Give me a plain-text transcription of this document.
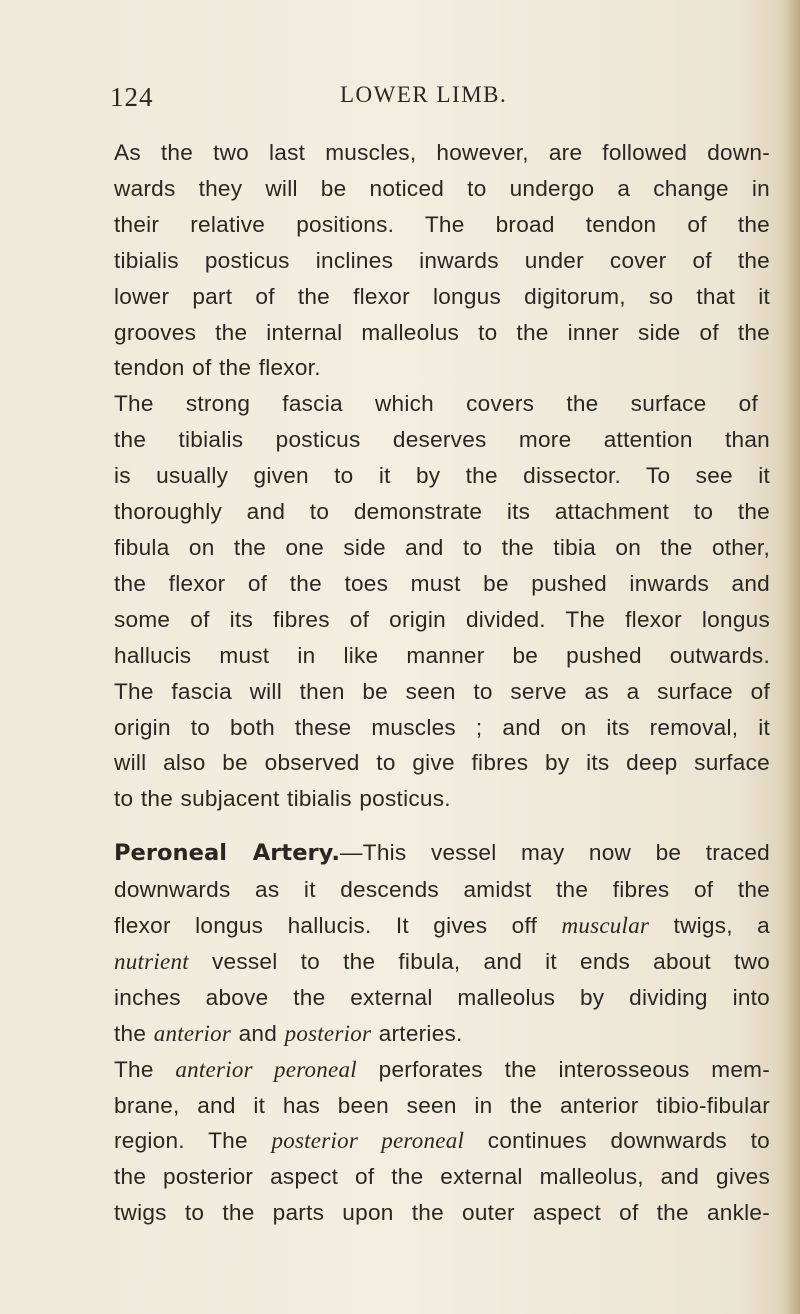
124	LOWER LIMB.
As the two last muscles, however, are followed down-
wards they will be noticed to undergo a change in
their relative positions. The broad tendon of the
tibialis posticus inclines inwards under cover of the
lower part of the flexor longus digitorum, so that it
grooves the internal malleolus to the inner side of the
tendon of the flexor.
The strong fascia which covers the surface of
the tibialis posticus deserves more attention than
is usually given to it by the dissector. To see it
thoroughly and to demonstrate its attachment to the
fibula on the one side and to the tibia on the other,
the flexor of the toes must be pushed inwards and
some of its fibres of origin divided. The flexor longus
hallucis must in like manner be pushed outwards.
The fascia will then be seen to serve as a surface of
origin to both these muscles ; and on its removal, it
will also be observed to give fibres by its deep surface
to the subjacent tibialis posticus.
Peroneal Artery.—This vessel may now be traced
downwards as it descends amidst the fibres of the
flexor longus hallucis. It gives off muscular twigs, a
nutrient vessel to the fibula, and it ends about two
inches above the external malleolus by dividing into
the anterior and posterior arteries.
The anterior peroneal perforates the interosseous mem-
brane, and it has been seen in the anterior tibio-fibular
region. The posterior peroneal continues downwards to
the posterior aspect of the external malleolus, and gives
twigs to the parts upon the outer aspect of the ankle-
